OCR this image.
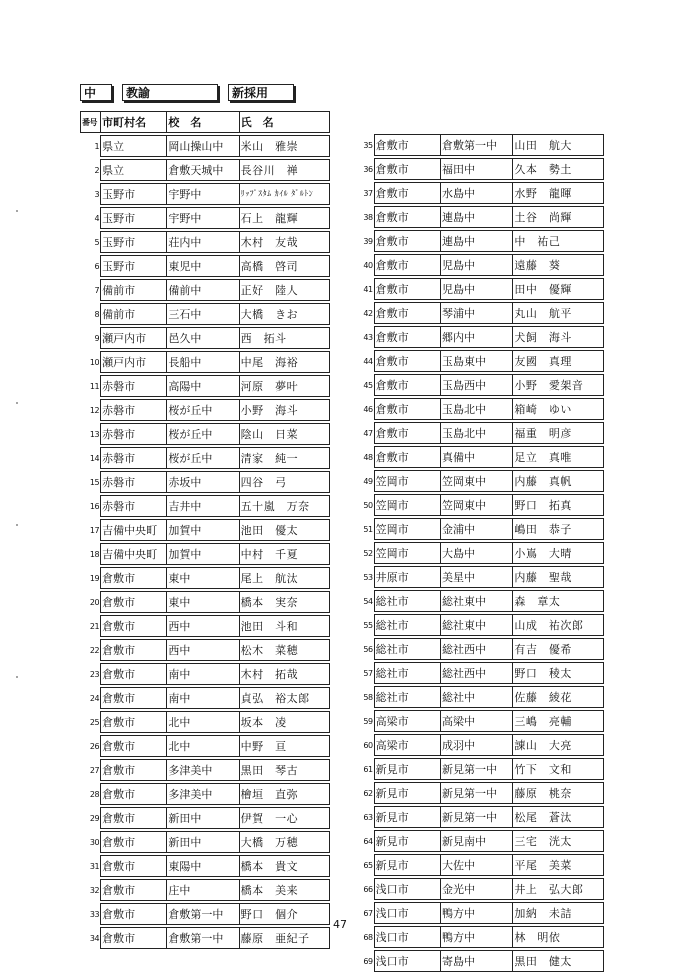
中	教諭	新採用
番号	市町村名	校　名	氏　名

1	県立	岡山操山中	米山　雅崇

2	県立	倉敷天城中	長谷川　禅

3	玉野市	宇野中	ﾘｯﾌﾟｽﾀﾑ ｶｲﾙ ﾀﾞﾙﾄﾝ

4	玉野市	宇野中	石上　龍輝

5	玉野市	荘内中	木村　友哉

6	玉野市	東児中	高橋　啓司

7	備前市	備前中	正好　陸人

8	備前市	三石中	大橋　きお

9	瀬戸内市	邑久中	西　拓斗

10	瀬戸内市	長船中	中尾　海裕

11	赤磐市	高陽中	河原　夢叶

12	赤磐市	桜が丘中	小野　海斗

13	赤磐市	桜が丘中	陰山　日菜

14	赤磐市	桜が丘中	清家　純一

15	赤磐市	赤坂中	四谷　弓

16	赤磐市	吉井中	五十嵐　万奈

17	吉備中央町	加賀中	池田　優太

18	吉備中央町	加賀中	中村　千夏

19	倉敷市	東中	尾上　航汰

20	倉敷市	東中	橋本　実奈

21	倉敷市	西中	池田　斗和

22	倉敷市	西中	松木　菜穂

23	倉敷市	南中	木村　拓哉

24	倉敷市	南中	貞弘　裕太郎

25	倉敷市	北中	坂本　凌

26	倉敷市	北中	中野　亘

27	倉敷市	多津美中	黒田　琴古

28	倉敷市	多津美中	檜垣　直弥

29	倉敷市	新田中	伊賀　一心

30	倉敷市	新田中	大橋　万穂

31	倉敷市	東陽中	橋本　貴文

32	倉敷市	庄中	橋本　美来

33	倉敷市	倉敷第一中	野口　個介

34	倉敷市	倉敷第一中	藤原　亜紀子

35	倉敷市	倉敷第一中	山田　航大

36	倉敷市	福田中	久本　勢土

37	倉敷市	水島中	水野　龍暉

38	倉敷市	連島中	土谷　尚輝

39	倉敷市	連島中	中　祐己

40	倉敷市	児島中	遠藤　葵

41	倉敷市	児島中	田中　優輝

42	倉敷市	琴浦中	丸山　航平

43	倉敷市	郷内中	犬飼　海斗

44	倉敷市	玉島東中	友國　真理

45	倉敷市	玉島西中	小野　愛架音

46	倉敷市	玉島北中	箱崎　ゆい

47	倉敷市	玉島北中	福重　明彦

48	倉敷市	真備中	足立　真唯

49	笠岡市	笠岡東中	内藤　真帆

50	笠岡市	笠岡東中	野口　拓真

51	笠岡市	金浦中	嶋田　恭子

52	笠岡市	大島中	小嶌　大晴

53	井原市	美星中	内藤　聖哉

54	総社市	総社東中	森　章太

55	総社市	総社東中	山成　祐次郎

56	総社市	総社西中	有吉　優希

57	総社市	総社西中	野口　稜太

58	総社市	総社中	佐藤　綾花

59	高梁市	高梁中	三嶋　亮輔

60	高梁市	成羽中	諌山　大亮

61	新見市	新見第一中	竹下　文和

62	新見市	新見第一中	藤原　桃奈

63	新見市	新見第一中	松尾　蒼汰

64	新見市	新見南中	三宅　洸太

65	新見市	大佐中	平尾　美菜

66	浅口市	金光中	井上　弘大郎

67	浅口市	鴨方中	加納　未詰

68	浅口市	鴨方中	林　明依

69	浅口市	寄島中	黒田　健太
47
